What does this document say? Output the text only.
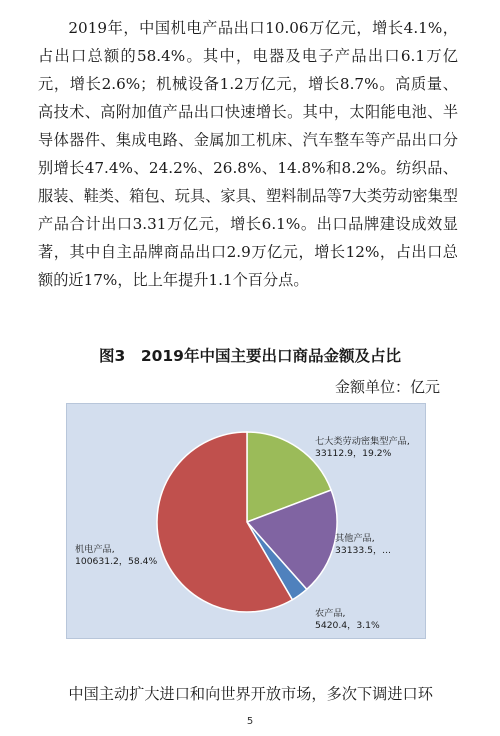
2019年，中国机电产品出口10.06万亿元，增长4.1%，占出口总额的58.4%。其中，电器及电子产品出口6.1万亿元，增长2.6%；机械设备1.2万亿元，增长8.7%。高质量、高技术、高附加值产品出口快速增长。其中，太阳能电池、半导体器件、集成电路、金属加工机床、汽车整车等产品出口分别增长47.4%、24.2%、26.8%、14.8%和8.2%。纺织品、服装、鞋类、箱包、玩具、家具、塑料制品等7大类劳动密集型产品合计出口3.31万亿元，增长6.1%。出口品牌建设成效显著，其中自主品牌商品出口2.9万亿元，增长12%，占出口总额的近17%，比上年提升1.1个百分点。

图3　2019年中国主要出口商品金额及占比
金额单位：亿元
七大类劳动密集型产品, 33112.9，19.2%
其他产品, 33133.5，...
农产品, 5420.4，3.1%
机电产品, 100631.2，58.4%

中国主动扩大进口和向世界开放市场，多次下调进口环

5
